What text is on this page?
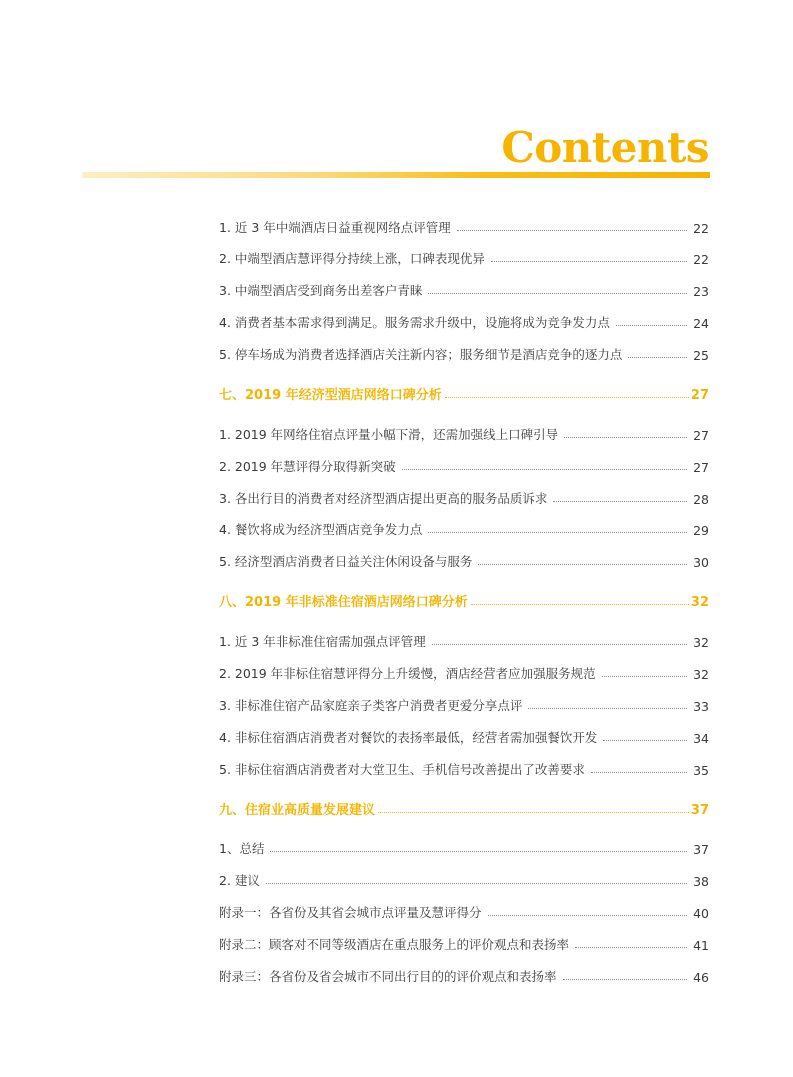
Contents
1. 近 3 年中端酒店日益重视网络点评管理	22
2. 中端型酒店慧评得分持续上涨，口碑表现优异	22
3. 中端型酒店受到商务出差客户青睐	23
4. 消费者基本需求得到满足。服务需求升级中，设施将成为竞争发力点	24
5. 停车场成为消费者选择酒店关注新内容；服务细节是酒店竞争的逐力点	25
七、2019 年经济型酒店网络口碑分析	27
1. 2019 年网络住宿点评量小幅下滑，还需加强线上口碑引导	27
2. 2019 年慧评得分取得新突破	27
3. 各出行目的消费者对经济型酒店提出更高的服务品质诉求	28
4. 餐饮将成为经济型酒店竞争发力点	29
5. 经济型酒店消费者日益关注休闲设备与服务	30
八、2019 年非标准住宿酒店网络口碑分析	32
1. 近 3 年非标准住宿需加强点评管理	32
2. 2019 年非标住宿慧评得分上升缓慢，酒店经营者应加强服务规范	32
3. 非标准住宿产品家庭亲子类客户消费者更爱分享点评	33
4. 非标住宿酒店消费者对餐饮的表扬率最低，经营者需加强餐饮开发	34
5. 非标住宿酒店消费者对大堂卫生、手机信号改善提出了改善要求	35
九、住宿业高质量发展建议	37
1、总结	37
2. 建议	38
附录一：各省份及其省会城市点评量及慧评得分	40
附录二：顾客对不同等级酒店在重点服务上的评价观点和表扬率	41
附录三：各省份及省会城市不同出行目的的评价观点和表扬率	46
